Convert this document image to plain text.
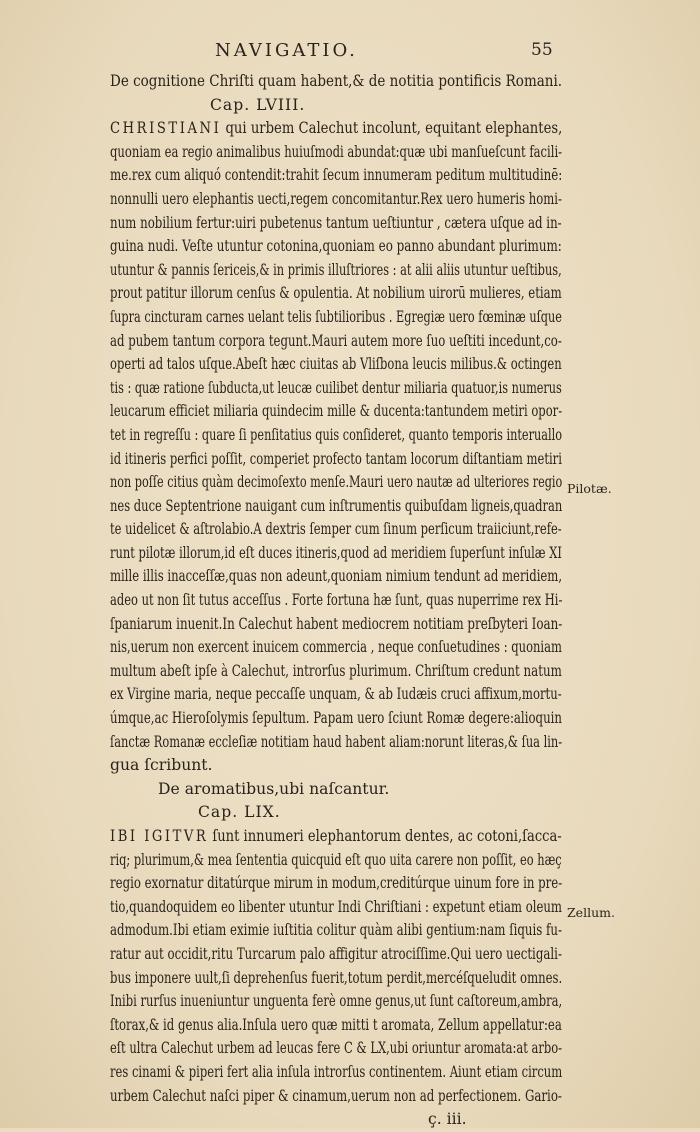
NAVIGATIO.	55
De cognitione Chriſti quam habent,& de notitia pontificis Romani.
Cap. LVIII.
CHRISTIANI qui urbem Calechut incolunt, equitant elephantes,
quoniam ea regio animalibus huiuſmodi abundat:quæ ubi manſueſcunt facili-
me.rex cum aliquó contendit:trahit ſecum innumeram peditum multitudinē:
nonnulli uero elephantis uecti,regem concomitantur.Rex uero humeris homi-
num nobilium fertur:uiri pubetenus tantum ueſtiuntur , cætera uſque ad in-
guina nudi. Veſte utuntur cotonina,quoniam eo panno abundant plurimum:
utuntur & pannis ſericeis,& in primis illuſtriores : at alii aliis utuntur ueſtibus,
prout patitur illorum cenſus & opulentia. At nobilium uirorū mulieres, etiam
ſupra cincturam carnes uelant telis ſubtilioribus . Egregiæ uero fœminæ uſque
ad pubem tantum corpora tegunt.Mauri autem more ſuo ueſtiti incedunt,co-
operti ad talos uſque.Abeſt hæc ciuitas ab Vliſbona leucis milibus.& octingen
tis : quæ ratione ſubducta,ut leucæ cuilibet dentur miliaria quatuor,is numerus
leucarum efficiet miliaria quindecim mille & ducenta:tantundem metiri opor-
tet in regreſſu : quare ſi penſitatius quis conſideret, quanto temporis interuallo
id itineris perfici poſſit, comperiet profecto tantam locorum diſtantiam metiri
non poſſe citius quàm decimoſexto menſe.Mauri uero nautæ ad ulteriores regio
nes duce Septentrione nauigant cum inſtrumentis quibuſdam ligneis,quadran
te uidelicet & aſtrolabio.A dextris ſemper cum ſinum perſicum traiiciunt,refe-
runt pilotæ illorum,id eſt duces itineris,quod ad meridiem ſuperſunt inſulæ XI
mille illis inacceſſæ,quas non adeunt,quoniam nimium tendunt ad meridiem,
adeo ut non ſit tutus acceſſus . Forte fortuna hæ ſunt, quas nuperrime rex Hi-
ſpaniarum inuenit.In Calechut habent mediocrem notitiam preſbyteri Ioan-
nis,uerum non exercent inuicem commercia , neque conſuetudines : quoniam
multum abeſt ipſe à Calechut, introrſus plurimum. Chriſtum credunt natum
ex Virgine maria, neque peccaſſe unquam, & ab Iudæis cruci affixum,mortu-
úmque,ac Hieroſolymis ſepultum. Papam uero ſciunt Romæ degere:alioquin
ſanctæ Romanæ eccleſiæ notitiam haud habent aliam:norunt literas,& ſua lin-
gua ſcribunt.
De aromatibus,ubi naſcantur.
Cap. LIX.
IBI IGITVR ſunt innumeri elephantorum dentes, ac cotoni,ſacca-
riq; plurimum,& mea ſententia quicquid eſt quo uita carere non poſſit, eo hæç
regio exornatur ditatúrque mirum in modum,creditúrque uinum fore in pre-
tio,quandoquidem eo libenter utuntur Indi Chriſtiani : expetunt etiam oleum
admodum.Ibi etiam eximie iuſtitia colitur quàm alibi gentium:nam ſiquis fu-
ratur aut occidit,ritu Turcarum palo affigitur atrociſſime.Qui uero uectigali-
bus imponere uult,ſi deprehenſus fuerit,totum perdit,mercéſqueludit omnes.
Inibi rurſus inueniuntur unguenta ferè omne genus,ut ſunt caſtoreum,ambra,
ſtorax,& id genus alia.Inſula uero quæ mitti t aromata, Zellum appellatur:ea
eſt ultra Calechut urbem ad leucas fere C & LX,ubi oriuntur aromata:at arbo-
res cinami & piperi fert alia inſula introrſus continentem. Aiunt etiam circum
urbem Calechut naſci piper & cinamum,uerum non ad perfectionem. Gario-
ç. iii.
Pilotæ.
Zellum.
